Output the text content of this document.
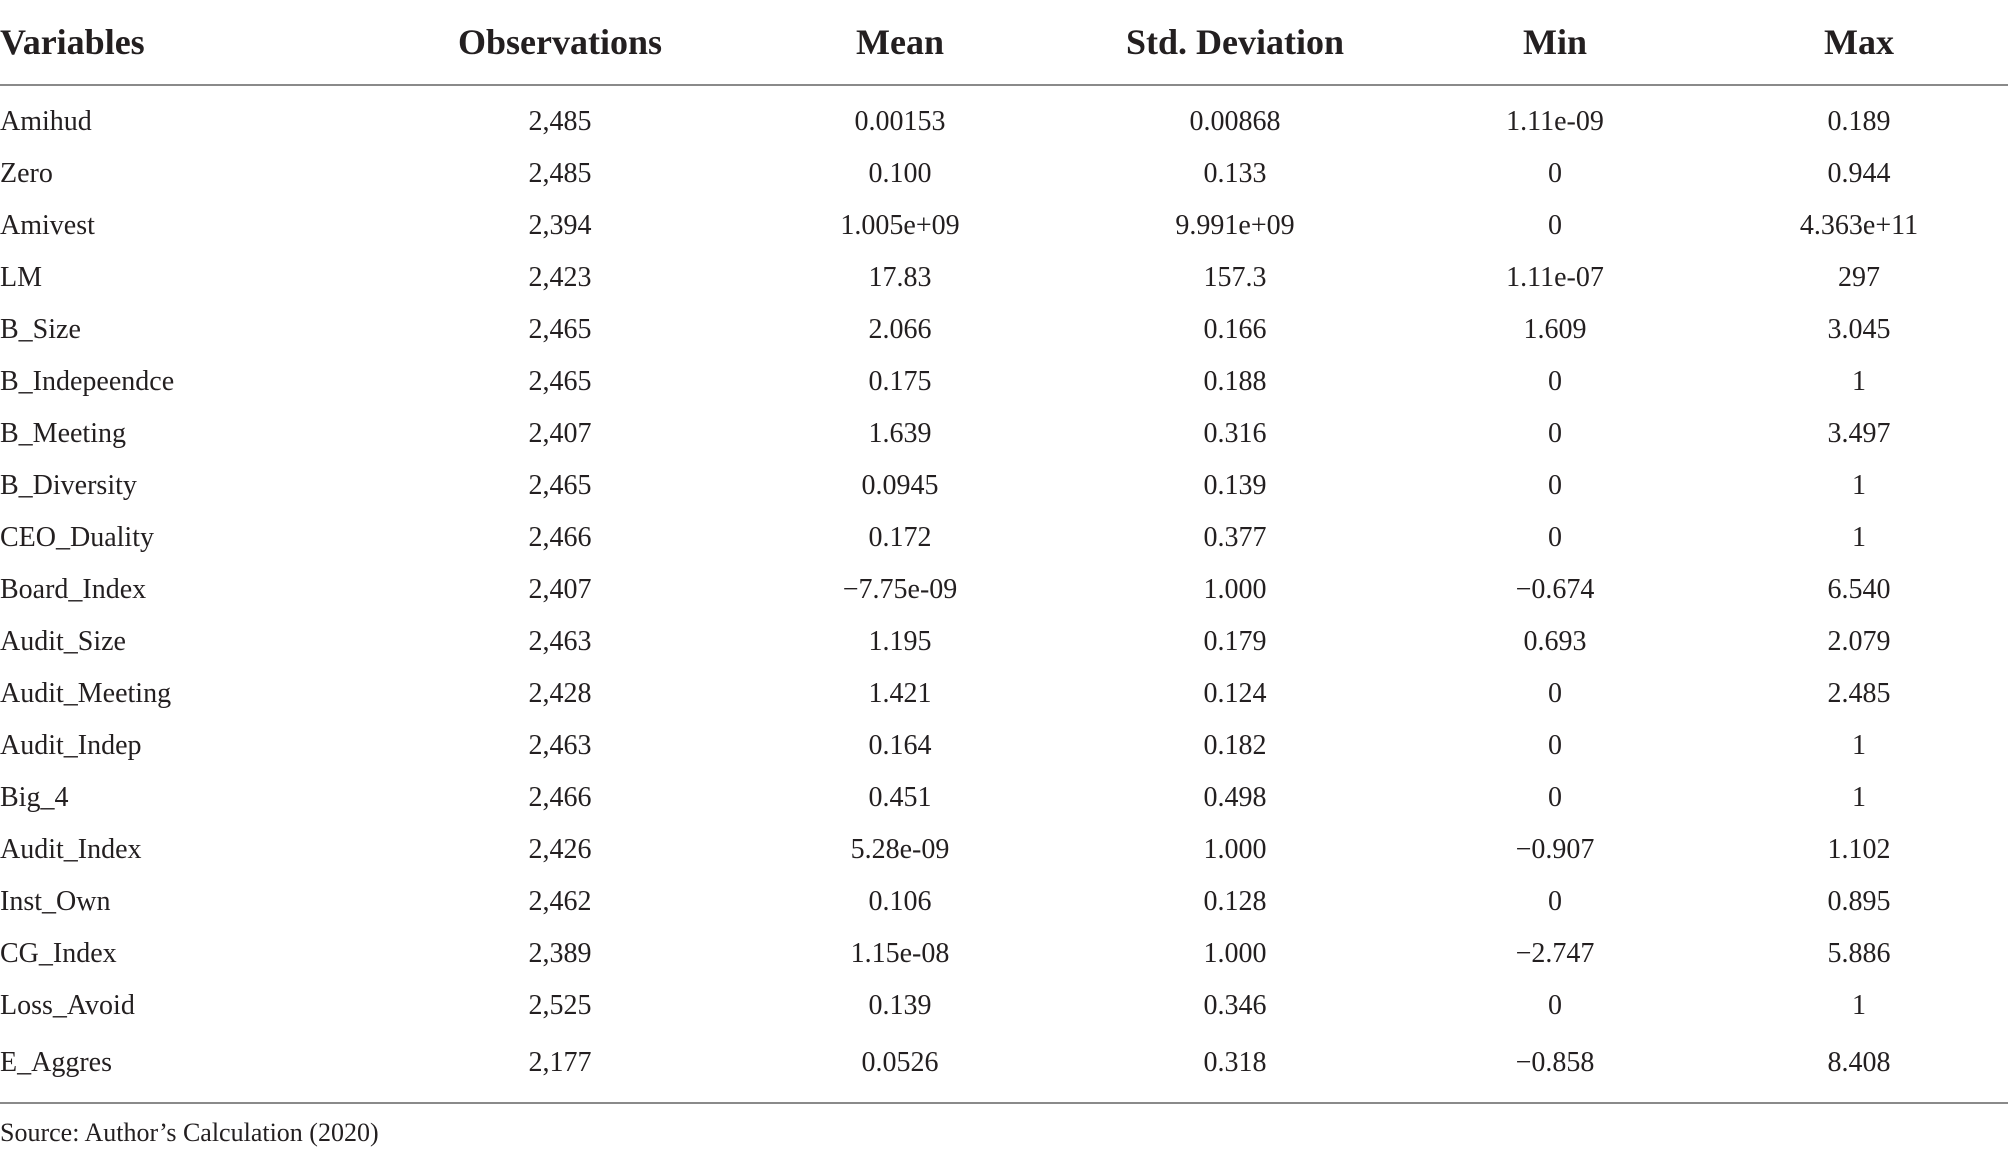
Variables	Observations	Mean	Std. Deviation	Min	Max
Amihud	2,485	0.00153	0.00868	1.11e-09	0.189
Zero	2,485	0.100	0.133	0	0.944
Amivest	2,394	1.005e+09	9.991e+09	0	4.363e+11
LM	2,423	17.83	157.3	1.11e-07	297
B_Size	2,465	2.066	0.166	1.609	3.045
B_Indepeendce	2,465	0.175	0.188	0	1
B_Meeting	2,407	1.639	0.316	0	3.497
B_Diversity	2,465	0.0945	0.139	0	1
CEO_Duality	2,466	0.172	0.377	0	1
Board_Index	2,407	−7.75e-09	1.000	−0.674	6.540
Audit_Size	2,463	1.195	0.179	0.693	2.079
Audit_Meeting	2,428	1.421	0.124	0	2.485
Audit_Indep	2,463	0.164	0.182	0	1
Big_4	2,466	0.451	0.498	0	1
Audit_Index	2,426	5.28e-09	1.000	−0.907	1.102
Inst_Own	2,462	0.106	0.128	0	0.895
CG_Index	2,389	1.15e-08	1.000	−2.747	5.886
Loss_Avoid	2,525	0.139	0.346	0	1
E_Aggres	2,177	0.0526	0.318	−0.858	8.408
Source: Author’s Calculation (2020)
